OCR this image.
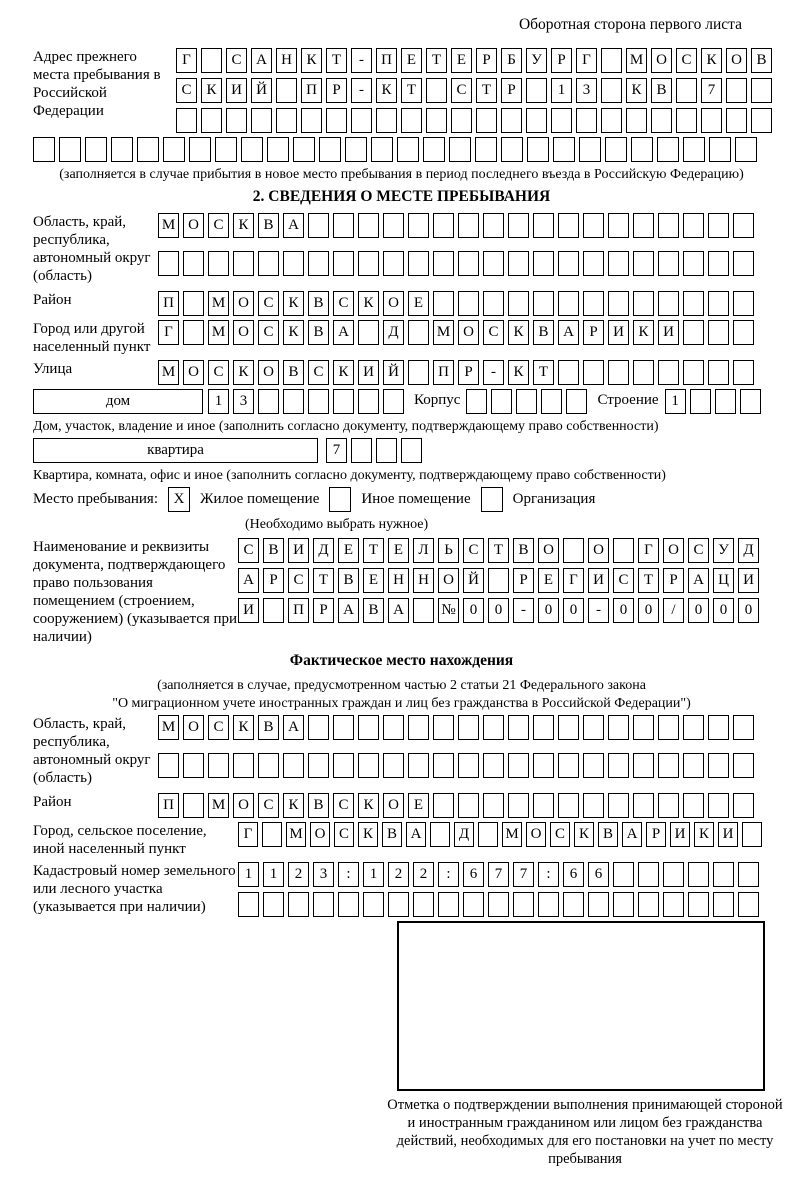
Оборотная сторона первого листа
Адрес прежнего места пребывания в Российской Федерации
Г	С А Н К	Т	-	П Е	Т	Е	Р	Б	У	Р	Г	М О С К О В
С К И Й	П	Р	-	К	Т	С	Т	Р	1	3	К В	7
(заполняется в случае прибытия в новое место пребывания в период последнего въезда в Российскую Федерацию)
2. СВЕДЕНИЯ О МЕСТЕ ПРЕБЫВАНИЯ
Область, край, республика, автономный округ (область)
М О С К В А
Район	П	М О С К В С К О Е
Город или другой населенный пункт
Г	М О С К В А	Д	М О С К В А	Р	И К И
Улица	М О С К О В С К И Й	П	Р	-	К	Т
дом	1	3	Корпус	Строение 1
Дом, участок, владение и иное (заполнить согласно документу, подтверждающему право собственности)
квартира	7
Квартира, комната, офис и иное (заполнить согласно документу, подтверждающему право собственности)
Место пребывания:	X	Жилое помещение	Иное помещение	Организация
(Необходимо выбрать нужное)
Наименование и реквизиты документа, подтверждающего право пользования помещением (строением, сооружением) (указывается при наличии)
С В И Д	Е	Т	Е	Л	Ь	С	Т	В О	О	Г	О С У Д
А	Р	С	Т	В	Е	Н Н О Й	Р	Е	Г	И С	Т	Р	А Ц И
И	П	Р	А В А	№ 0	0	-	0	0	-	0	0	/	0	0	0
Фактическое место нахождения
(заполняется в случае, предусмотренном частью 2 статьи 21 Федерального закона
"О миграционном учете иностранных граждан и лиц без гражданства в Российской Федерации")
Область, край, республика, автономный округ (область)
М О С К В А
Район	П	М О С К В С К О Е
Город, сельское поселение, иной населенный пункт
Г	М О С К В А	Д	М О С К В А Р И К И
Кадастровый номер земельного или лесного участка (указывается при наличии)
1	1	2	3	:	1	2	2	:	6	7	7	:	6	6
Отметка о подтверждении выполнения принимающей стороной и иностранным гражданином или лицом без гражданства действий, необходимых для его постановки на учет по месту пребывания
